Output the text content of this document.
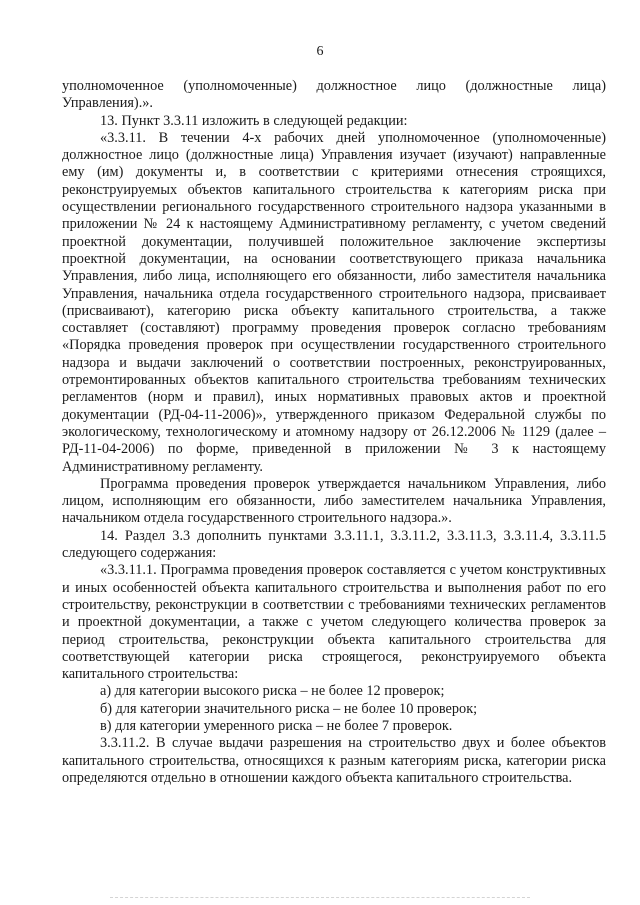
6

уполномоченное (уполномоченные) должностное лицо (должностные лица) Управления).».

13. Пункт 3.3.11 изложить в следующей редакции:

«3.3.11. В течении 4-х рабочих дней уполномоченное (уполномоченные) должностное лицо (должностные лица) Управления изучает (изучают) направленные ему (им) документы и, в соответствии с критериями отнесения строящихся, реконструируемых объектов капитального строительства к категориям риска при осуществлении регионального государственного строительного надзора указанными в приложении № 24 к настоящему Административному регламенту, с учетом сведений проектной документации, получившей положительное заключение экспертизы проектной документации, на основании соответствующего приказа начальника Управления, либо лица, исполняющего его обязанности, либо заместителя начальника Управления, начальника отдела государственного строительного надзора, присваивает (присваивают), категорию риска объекту капитального строительства, а также составляет (составляют) программу проведения проверок согласно требованиям «Порядка проведения проверок при осуществлении государственного строительного надзора и выдачи заключений о соответствии построенных, реконструированных, отремонтированных объектов капитального строительства требованиям технических регламентов (норм и правил), иных нормативных правовых актов и проектной документации (РД-04-11-2006)», утвержденного приказом Федеральной службы по экологическому, технологическому и атомному надзору от 26.12.2006 № 1129 (далее – РД-11-04-2006) по форме, приведенной в приложении № 3 к настоящему Административному регламенту.

Программа проведения проверок утверждается начальником Управления, либо лицом, исполняющим его обязанности, либо заместителем начальника Управления, начальником отдела государственного строительного надзора.».

14. Раздел 3.3 дополнить пунктами 3.3.11.1, 3.3.11.2, 3.3.11.3, 3.3.11.4, 3.3.11.5 следующего содержания:

«3.3.11.1. Программа проведения проверок составляется с учетом конструктивных и иных особенностей объекта капитального строительства и выполнения работ по его строительству, реконструкции в соответствии с требованиями технических регламентов и проектной документации, а также с учетом следующего количества проверок за период строительства, реконструкции объекта капитального строительства для соответствующей категории риска строящегося, реконструируемого объекта капитального строительства:

а) для категории высокого риска – не более 12 проверок;

б) для категории значительного риска – не более 10 проверок;

в) для категории умеренного риска – не более 7 проверок.

3.3.11.2. В случае выдачи разрешения на строительство двух и более объектов капитального строительства, относящихся к разным категориям риска, категории риска определяются отдельно в отношении каждого объекта капитального строительства.
